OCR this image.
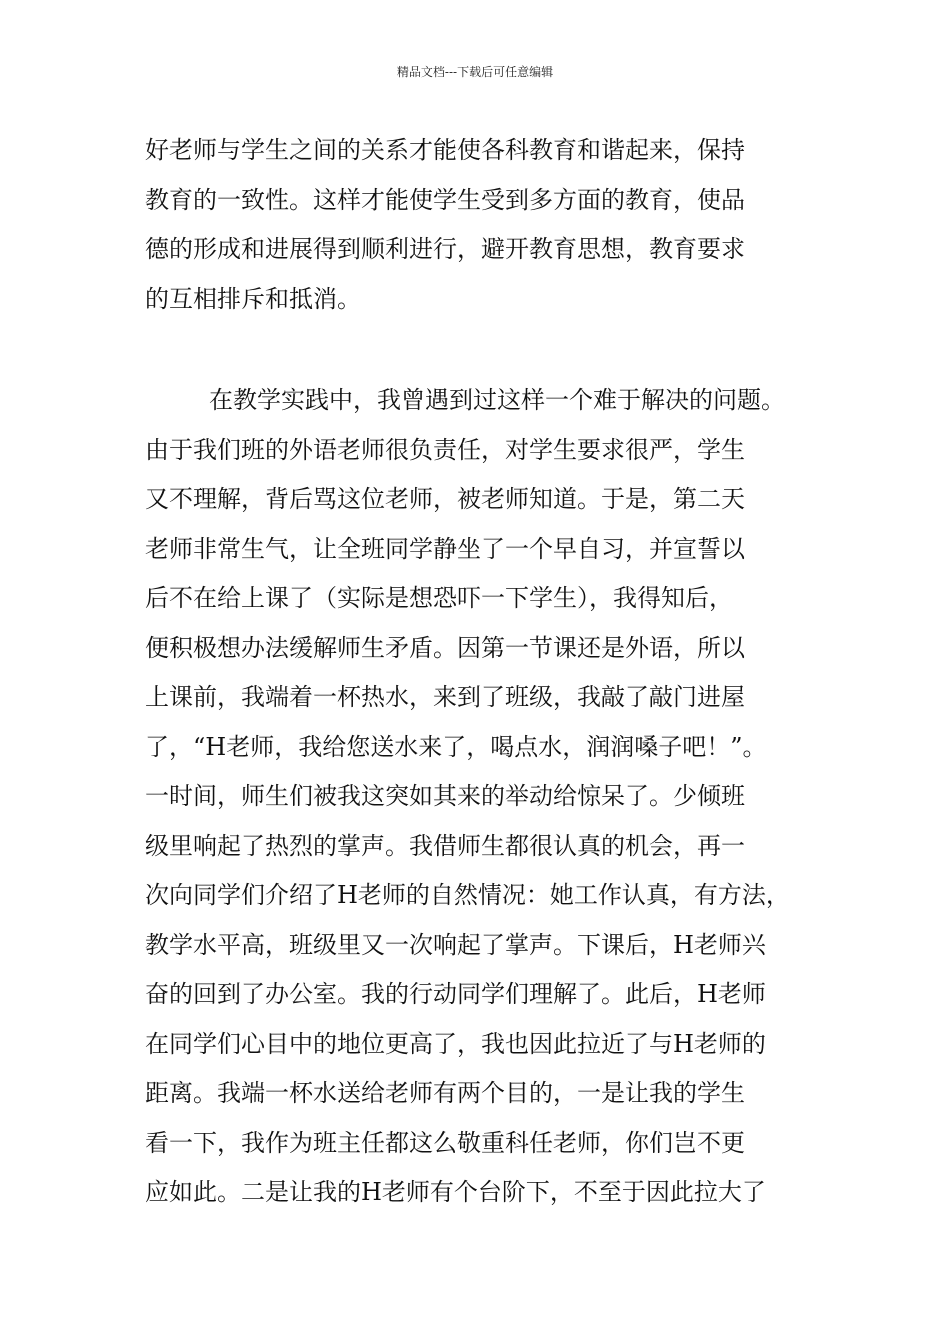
精品文档---下载后可任意编辑
好老师与学生之间的关系才能使各科教育和谐起来，保持
教育的一致性。这样才能使学生受到多方面的教育，使品
德的形成和进展得到顺利进行，避开教育思想，教育要求
的互相排斥和抵消。
在教学实践中，我曾遇到过这样一个难于解决的问题。
由于我们班的外语老师很负责任，对学生要求很严，学生
又不理解，背后骂这位老师，被老师知道。于是，第二天
老师非常生气，让全班同学静坐了一个早自习，并宣誓以
后不在给上课了（实际是想恐吓一下学生），我得知后，
便积极想办法缓解师生矛盾。因第一节课还是外语，所以
上课前，我端着一杯热水，来到了班级，我敲了敲门进屋
了，“H老师，我给您送水来了，喝点水，润润嗓子吧！”。
一时间，师生们被我这突如其来的举动给惊呆了。少倾班
级里响起了热烈的掌声。我借师生都很认真的机会，再一
次向同学们介绍了H老师的自然情况：她工作认真，有方法，
教学水平高，班级里又一次响起了掌声。下课后，H老师兴
奋的回到了办公室。我的行动同学们理解了。此后，H老师
在同学们心目中的地位更高了，我也因此拉近了与H老师的
距离。我端一杯水送给老师有两个目的，一是让我的学生
看一下，我作为班主任都这么敬重科任老师，你们岂不更
应如此。二是让我的H老师有个台阶下，不至于因此拉大了
